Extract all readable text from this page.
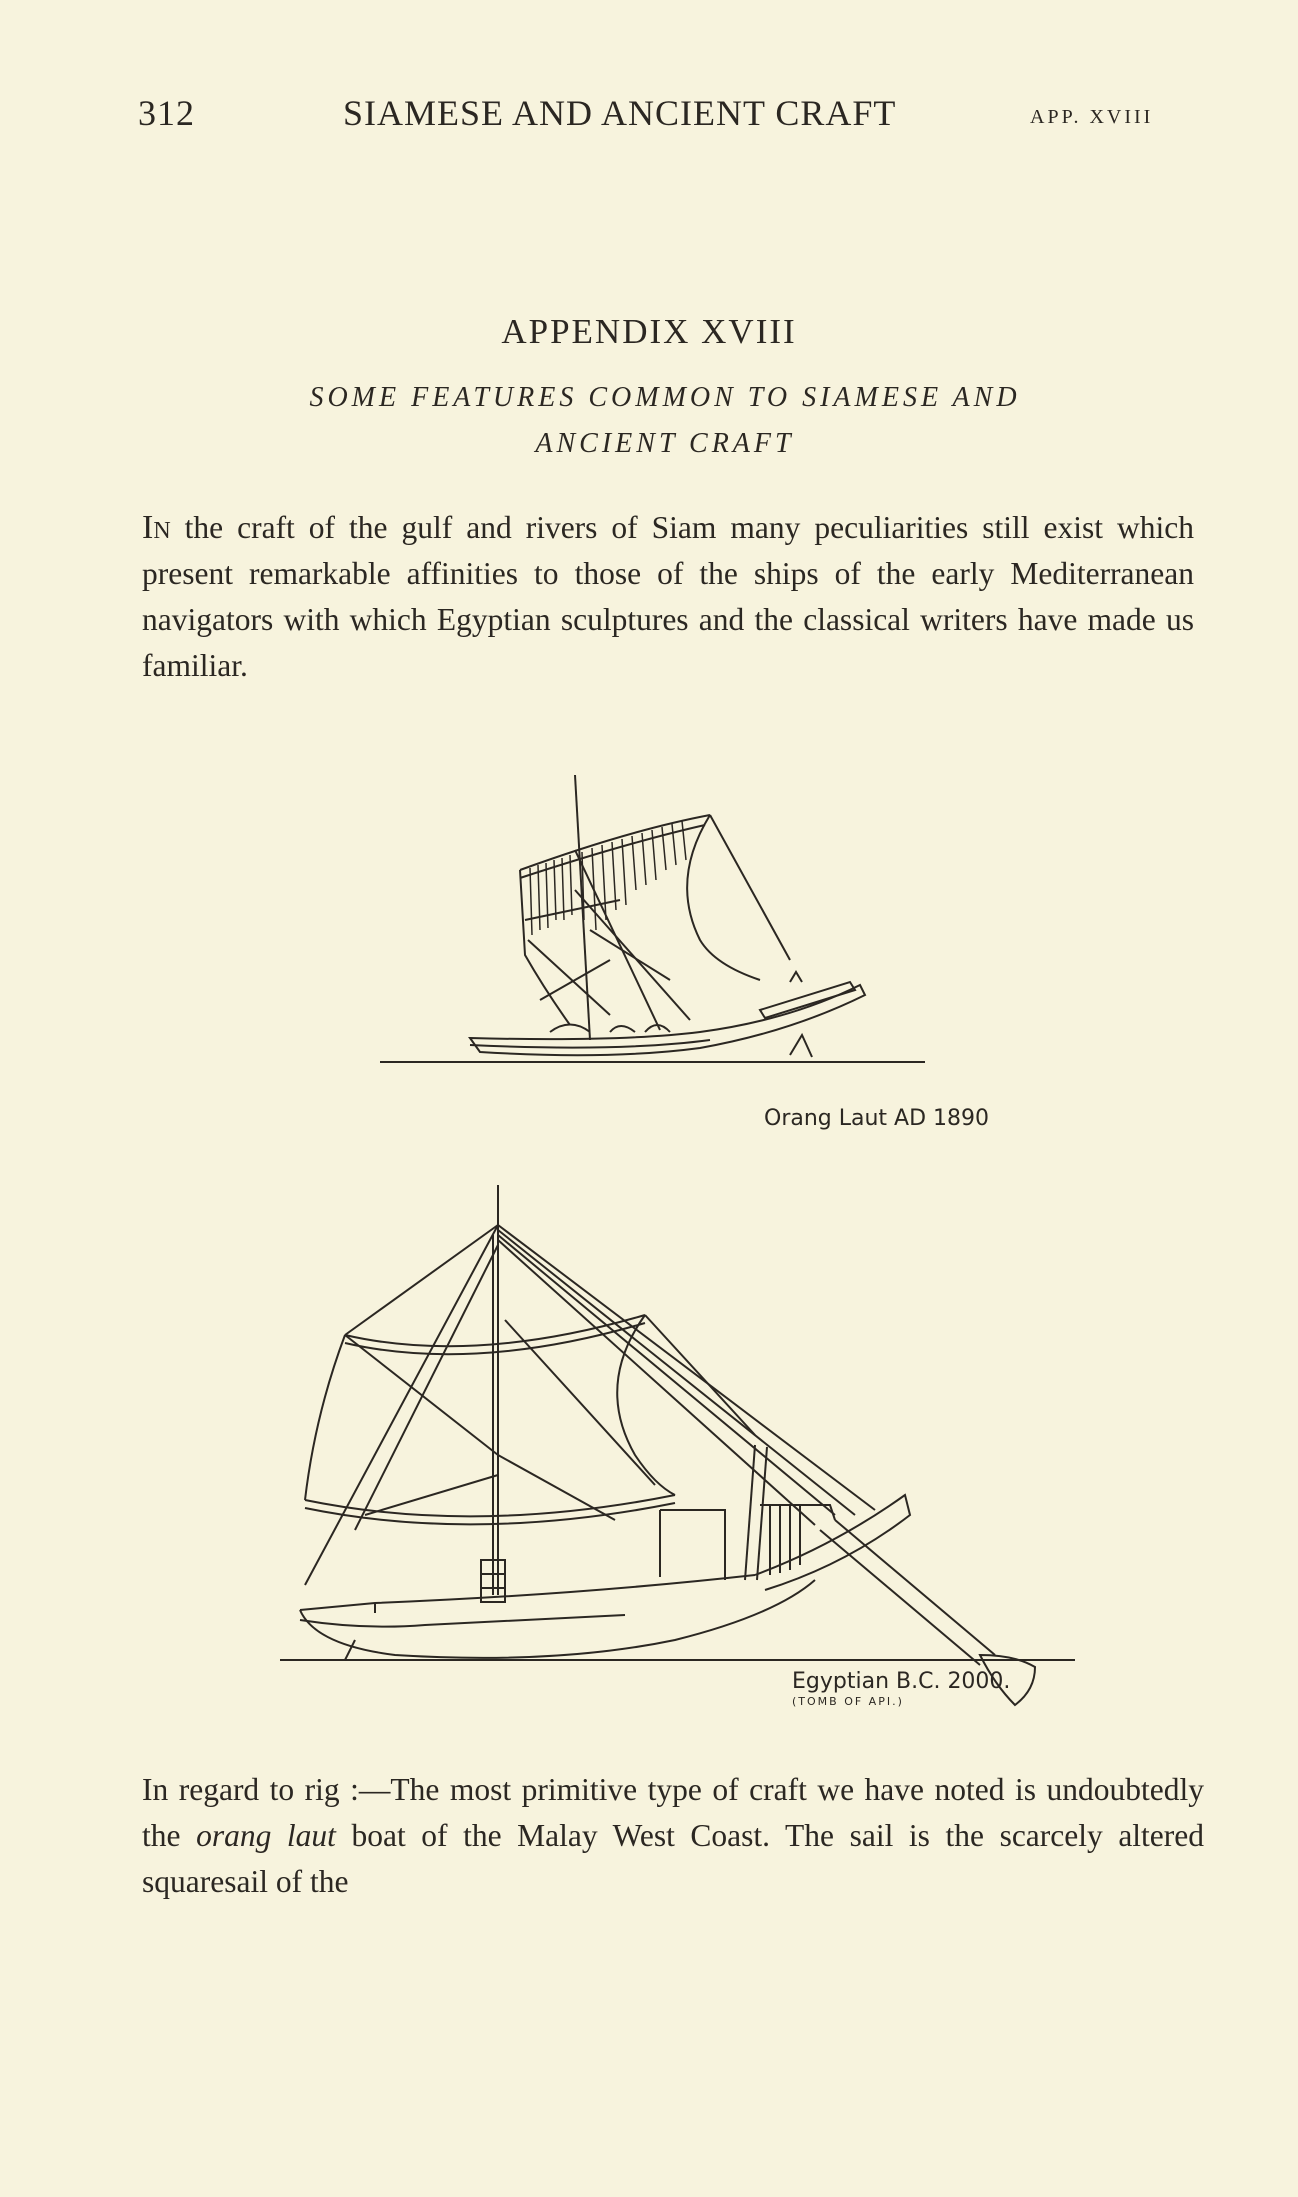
312	SIAMESE AND ANCIENT CRAFT	APP. XVIII
APPENDIX XVIII
SOME FEATURES COMMON TO SIAMESE AND
ANCIENT CRAFT
In the craft of the gulf and rivers of Siam many peculiarities still exist which present remarkable affinities to those of the ships of the early Mediterranean navigators with which Egyptian sculptures and the classical writers have made us familiar.
Orang Laut AD 1890
Egyptian B.C. 2000.
(TOMB OF API.)
In regard to rig :—The most primitive type of craft we have noted is undoubtedly the orang laut boat of the Malay West Coast. The sail is the scarcely altered squaresail of the
